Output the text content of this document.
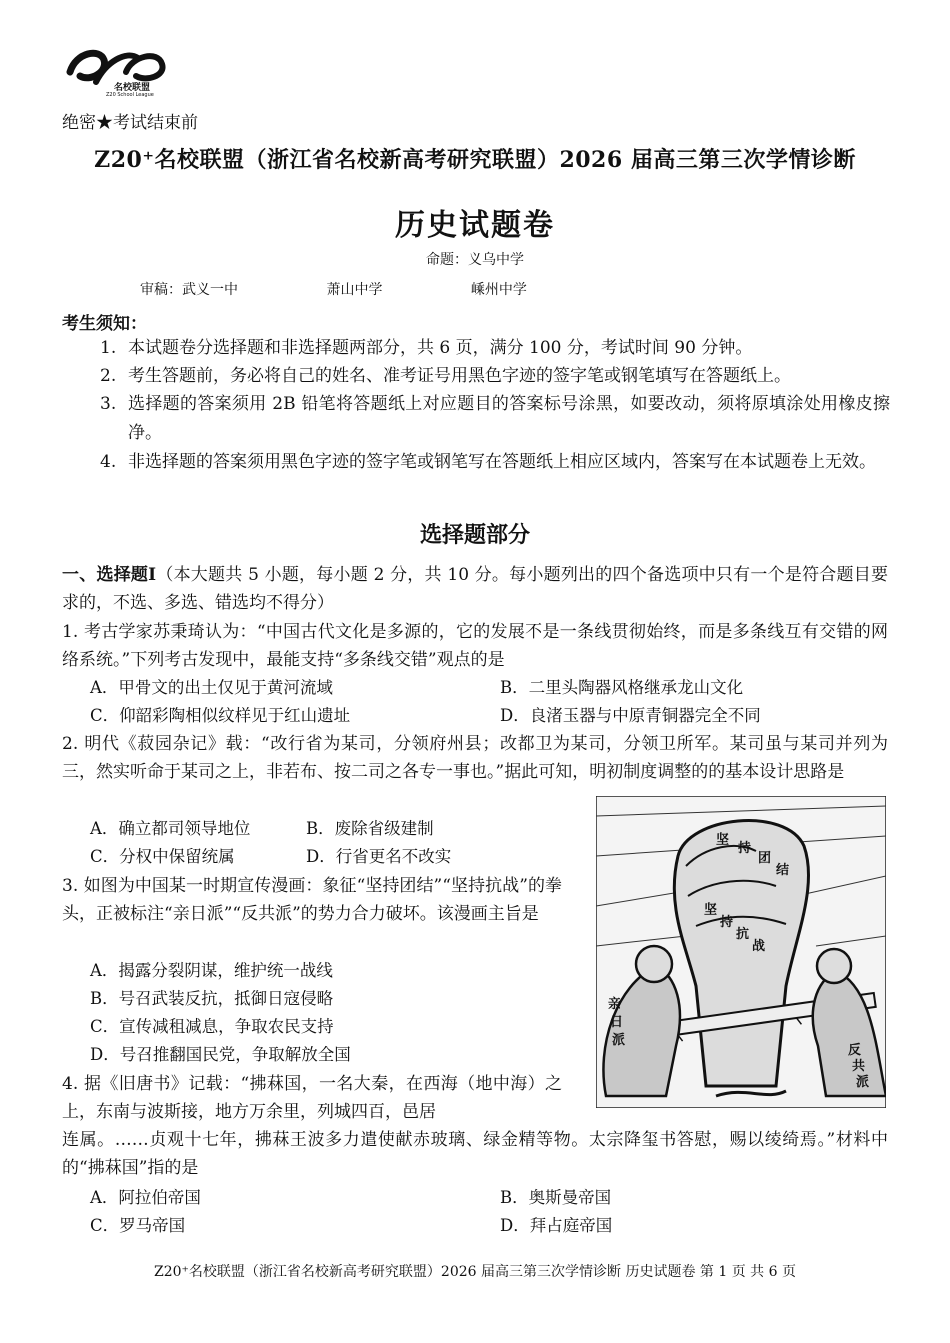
名校联盟
Z20 School League
绝密★考试结束前
Z20⁺名校联盟（浙江省名校新高考研究联盟）2026 届高三第三次学情诊断
历史试题卷
命题：义乌中学
审稿：武义一中	萧山中学	嵊州中学
考生须知：
1. 本试题卷分选择题和非选择题两部分，共 6 页，满分 100 分，考试时间 90 分钟。
2. 考生答题前，务必将自己的姓名、准考证号用黑色字迹的签字笔或钢笔填写在答题纸上。
3. 选择题的答案须用 2B 铅笔将答题纸上对应题目的答案标号涂黑，如要改动，须将原填涂处用橡皮擦净。
4. 非选择题的答案须用黑色字迹的签字笔或钢笔写在答题纸上相应区域内，答案写在本试题卷上无效。
选择题部分
一、选择题Ⅰ（本大题共 5 小题，每小题 2 分，共 10 分。每小题列出的四个备选项中只有一个是符合题目要求的，不选、多选、错选均不得分）
1. 考古学家苏秉琦认为：“中国古代文化是多源的，它的发展不是一条线贯彻始终，而是多条线互有交错的网络系统。”下列考古发现中，最能支持“多条线交错”观点的是
A．甲骨文的出土仅见于黄河流域	B．二里头陶器风格继承龙山文化
C．仰韶彩陶相似纹样见于红山遗址	D．良渚玉器与中原青铜器完全不同
2. 明代《菽园杂记》载：“改行省为某司，分领府州县；改都卫为某司，分领卫所军。某司虽与某司并列为三，然实听命于某司之上，非若布、按二司之各专一事也。”据此可知，明初制度调整的的基本设计思路是
A．确立都司领导地位	B．废除省级建制
C．分权中保留统属	D．行省更名不改实
3. 如图为中国某一时期宣传漫画：象征“坚持团结”“坚持抗战”的拳头，正被标注“亲日派”“反共派”的势力合力破坏。该漫画主旨是
A．揭露分裂阴谋，维护统一战线
B．号召武装反抗，抵御日寇侵略
C．宣传减租减息，争取农民支持
D．号召推翻国民党，争取解放全国
4. 据《旧唐书》记载：“拂菻国，一名大秦，在西海（地中海）之上，东南与波斯接，地方万余里，列城四百，邑居
A．阿拉伯帝国	B．奥斯曼帝国
C．罗马帝国	D．拜占庭帝国
坚
持
团
结
坚
持
抗
战
亲
日
派
反
共
派
连属。……贞观十七年，拂菻王波多力遣使献赤玻璃、绿金精等物。太宗降玺书答慰，赐以绫绮焉。”材料中的“拂菻国”指的是
Z20⁺名校联盟（浙江省名校新高考研究联盟）2026 届高三第三次学情诊断 历史试题卷 第 1 页 共 6 页
